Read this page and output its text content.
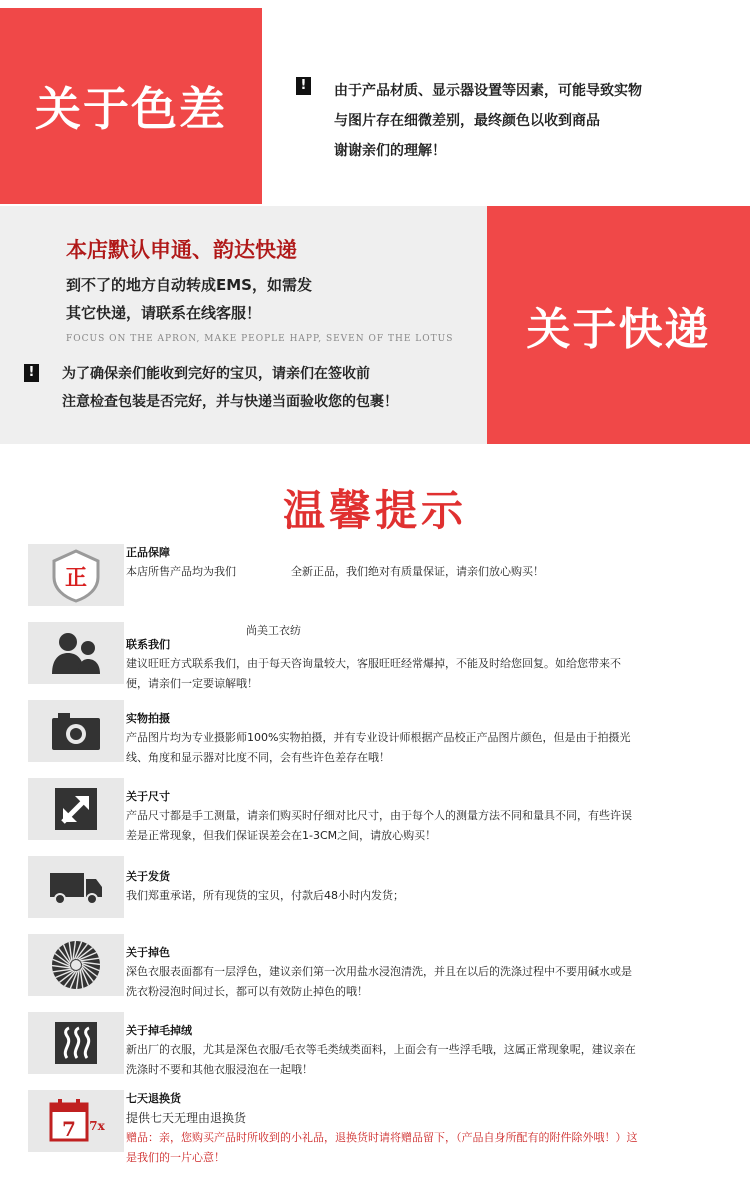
关于色差	!	由于产品材质、显示器设置等因素，可能导致实物
与图片存在细微差别，最终颜色以收到商品
谢谢亲们的理解！
本店默认申通、韵达快递
到不了的地方自动转成EMS，如需发
其它快递，请联系在线客服！
FOCUS ON THE APRON, MAKE PEOPLE HAPP, SEVEN OF THE LOTUS
!	为了确保亲们能收到完好的宝贝，请亲们在签收前
注意检查包装是否完好，并与快递当面验收您的包裹！
关于快递
温馨提示
尚美工衣纺
正
正品保障
本店所售产品均为我们　　　　　全新正品，我们绝对有质量保证，请亲们放心购买！
联系我们
建议旺旺方式联系我们，由于每天咨询量较大，客服旺旺经常爆掉，不能及时给您回复。如给您带来不
便，请亲们一定要谅解哦！
实物拍摄
产品图片均为专业摄影师100%实物拍摄，并有专业设计师根据产品校正产品图片颜色，但是由于拍摄光
线、角度和显示器对比度不同，会有些许色差存在哦！
关于尺寸
产品尺寸都是手工测量，请亲们购买时仔细对比尺寸，由于每个人的测量方法不同和量具不同，有些许误
差是正常现象，但我们保证误差会在1-3CM之间，请放心购买！
关于发货
我们郑重承诺，所有现货的宝贝，付款后48小时内发货；
关于掉色
深色衣服表面都有一层浮色，建议亲们第一次用盐水浸泡清洗，并且在以后的洗涤过程中不要用碱水或是
洗衣粉浸泡时间过长，都可以有效防止掉色的哦！
关于掉毛掉绒
新出厂的衣服，尤其是深色衣服/毛衣等毛类绒类面料，上面会有一些浮毛哦，这属正常现象呢，建议亲在
洗涤时不要和其他衣服浸泡在一起哦！
7 7x
七天退换货
提供七天无理由退换货
赠品：亲，您购买产品时所收到的小礼品，退换货时请将赠品留下，（产品自身所配有的附件除外哦！）这
是我们的一片心意！
